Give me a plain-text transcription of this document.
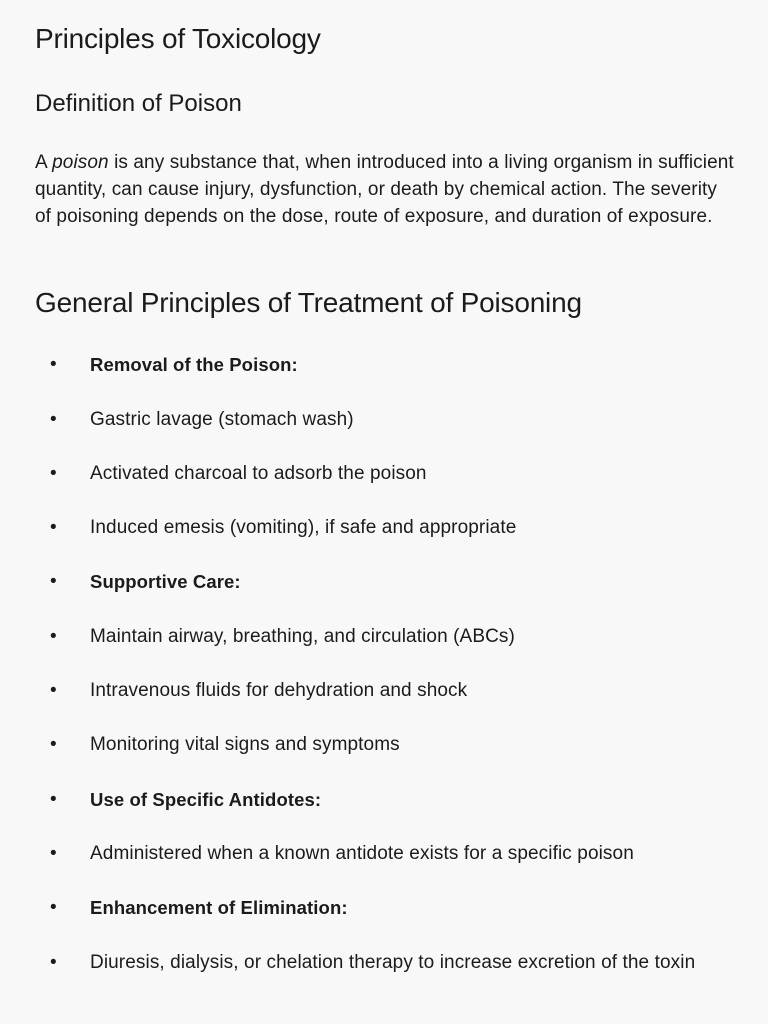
Principles of Toxicology
Definition of Poison

A poison is any substance that, when introduced into a living organism in sufficient quantity, can cause injury, dysfunction, or death by chemical action. The severity of poisoning depends on the dose, route of exposure, and duration of exposure.

General Principles of Treatment of Poisoning
• Removal of the Poison:
• Gastric lavage (stomach wash)
• Activated charcoal to adsorb the poison
• Induced emesis (vomiting), if safe and appropriate
• Supportive Care:
• Maintain airway, breathing, and circulation (ABCs)
• Intravenous fluids for dehydration and shock
• Monitoring vital signs and symptoms
• Use of Specific Antidotes:
• Administered when a known antidote exists for a specific poison
• Enhancement of Elimination:
• Diuresis, dialysis, or chelation therapy to increase excretion of the toxin
